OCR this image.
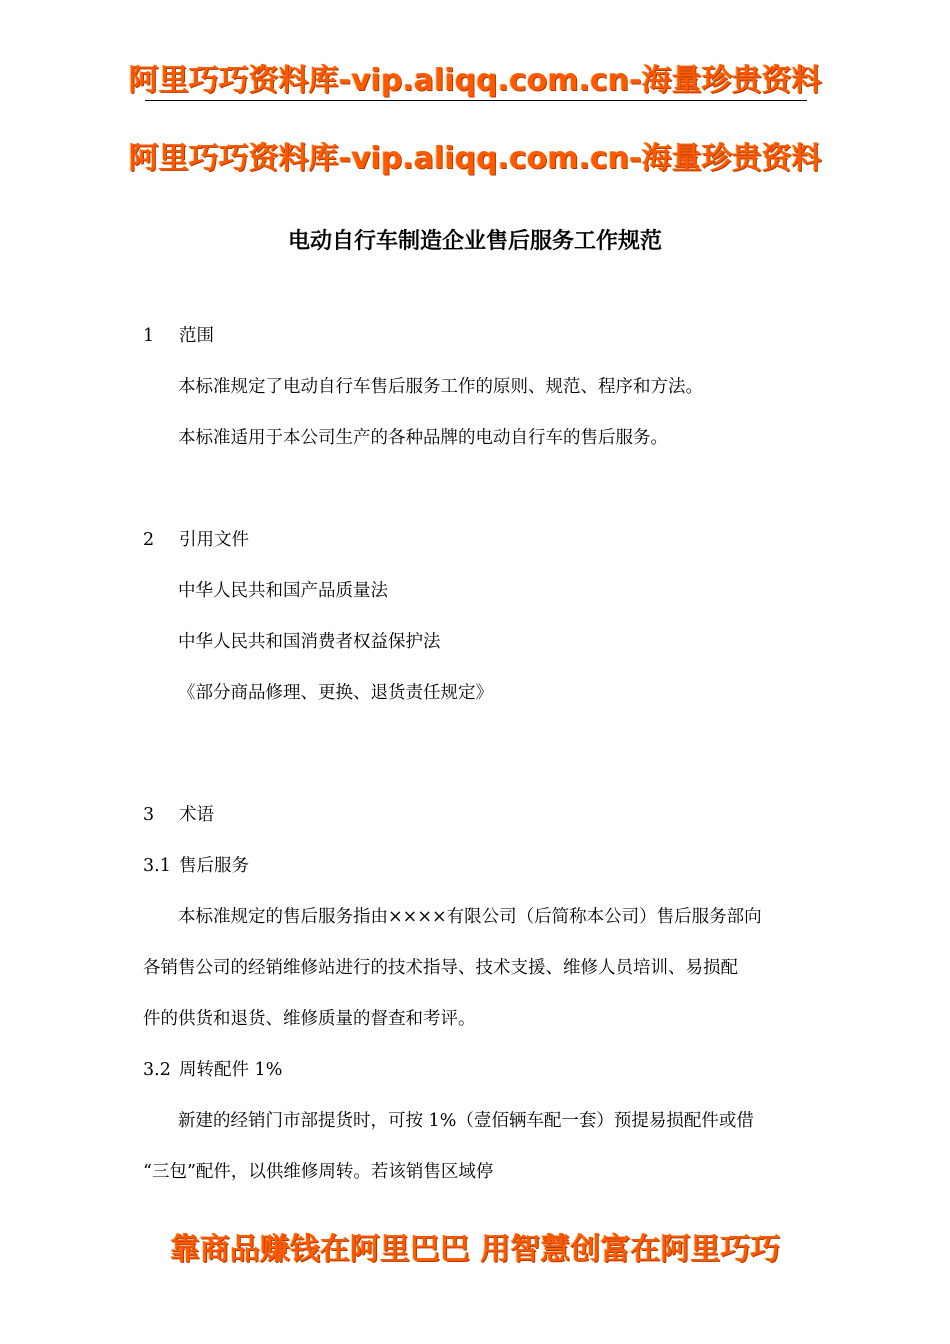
阿里巧巧资料库-vip.aliqq.com.cn-海量珍贵资料
阿里巧巧资料库-vip.aliqq.com.cn-海量珍贵资料
电动自行车制造企业售后服务工作规范
1 范围
本标准规定了电动自行车售后服务工作的原则、规范、程序和方法。
本标准适用于本公司生产的各种品牌的电动自行车的售后服务。
2 引用文件
中华人民共和国产品质量法
中华人民共和国消费者权益保护法
《部分商品修理、更换、退货责任规定》
3 术语
3.1 售后服务
本标准规定的售后服务指由××××有限公司（后简称本公司）售后服务部向
各销售公司的经销维修站进行的技术指导、技术支援、维修人员培训、易损配
件的供货和退货、维修质量的督查和考评。
3.2 周转配件 1%
新建的经销门市部提货时，可按 1%（壹佰辆车配一套）预提易损配件或借
“三包”配件，以供维修周转。若该销售区域停
靠商品赚钱在阿里巴巴 用智慧创富在阿里巧巧
